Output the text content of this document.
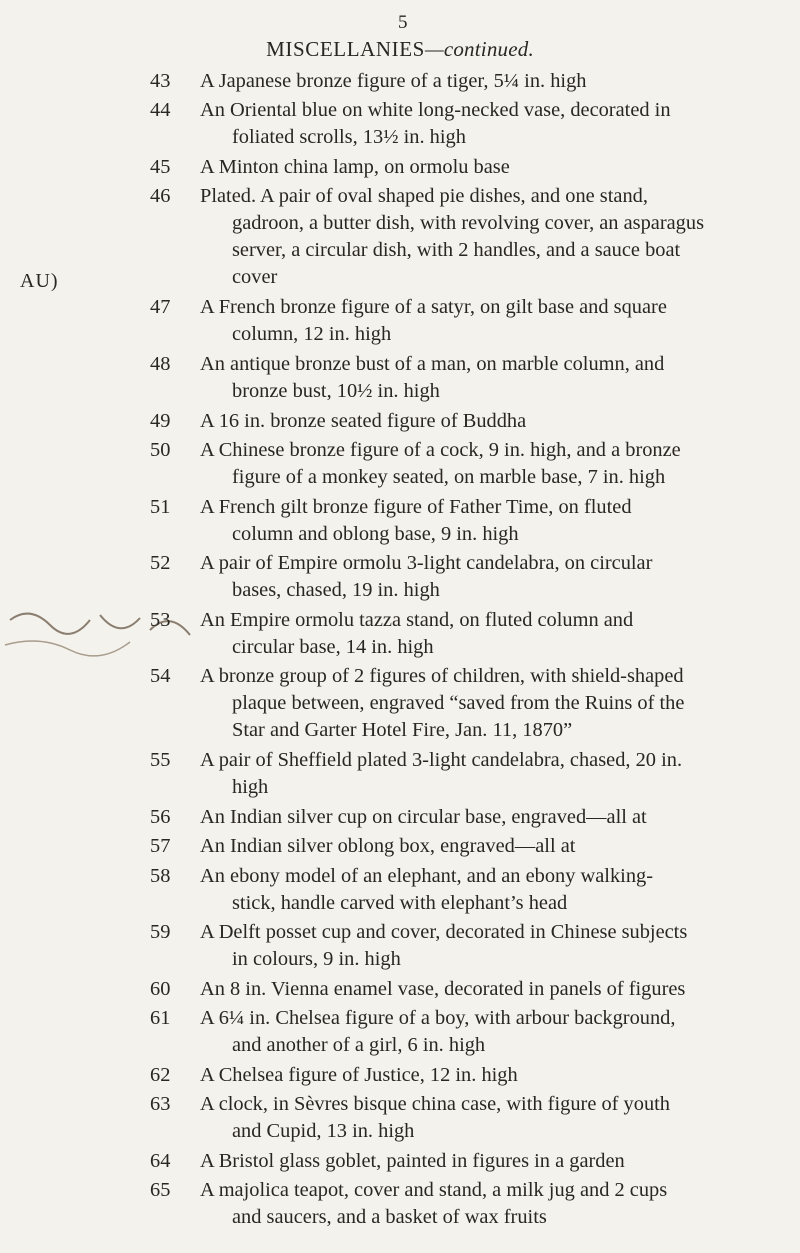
5
MISCELLANIES—continued.
AU)
43 A Japanese bronze figure of a tiger, 5¼ in. high
44 An Oriental blue on white long-necked vase, decorated in
foliated scrolls, 13½ in. high
45 A Minton china lamp, on ormolu base
46 Plated. A pair of oval shaped pie dishes, and one stand,
gadroon, a butter dish, with revolving cover, an asparagus
server, a circular dish, with 2 handles, and a sauce boat
cover
47 A French bronze figure of a satyr, on gilt base and square
column, 12 in. high
48 An antique bronze bust of a man, on marble column, and
bronze bust, 10½ in. high
49 A 16 in. bronze seated figure of Buddha
50 A Chinese bronze figure of a cock, 9 in. high, and a bronze
figure of a monkey seated, on marble base, 7 in. high
51 A French gilt bronze figure of Father Time, on fluted
column and oblong base, 9 in. high
52 A pair of Empire ormolu 3-light candelabra, on circular
bases, chased, 19 in. high
53 An Empire ormolu tazza stand, on fluted column and
circular base, 14 in. high
54 A bronze group of 2 figures of children, with shield-shaped
plaque between, engraved “saved from the Ruins of the
Star and Garter Hotel Fire, Jan. 11, 1870”
55 A pair of Sheffield plated 3-light candelabra, chased, 20 in.
high
56 An Indian silver cup on circular base, engraved—all at
57 An Indian silver oblong box, engraved—all at
58 An ebony model of an elephant, and an ebony walking-
stick, handle carved with elephant’s head
59 A Delft posset cup and cover, decorated in Chinese subjects
in colours, 9 in. high
60 An 8 in. Vienna enamel vase, decorated in panels of figures
61 A 6¼ in. Chelsea figure of a boy, with arbour background,
and another of a girl, 6 in. high
62 A Chelsea figure of Justice, 12 in. high
63 A clock, in Sèvres bisque china case, with figure of youth
and Cupid, 13 in. high
64 A Bristol glass goblet, painted in figures in a garden
65 A majolica teapot, cover and stand, a milk jug and 2 cups
and saucers, and a basket of wax fruits
